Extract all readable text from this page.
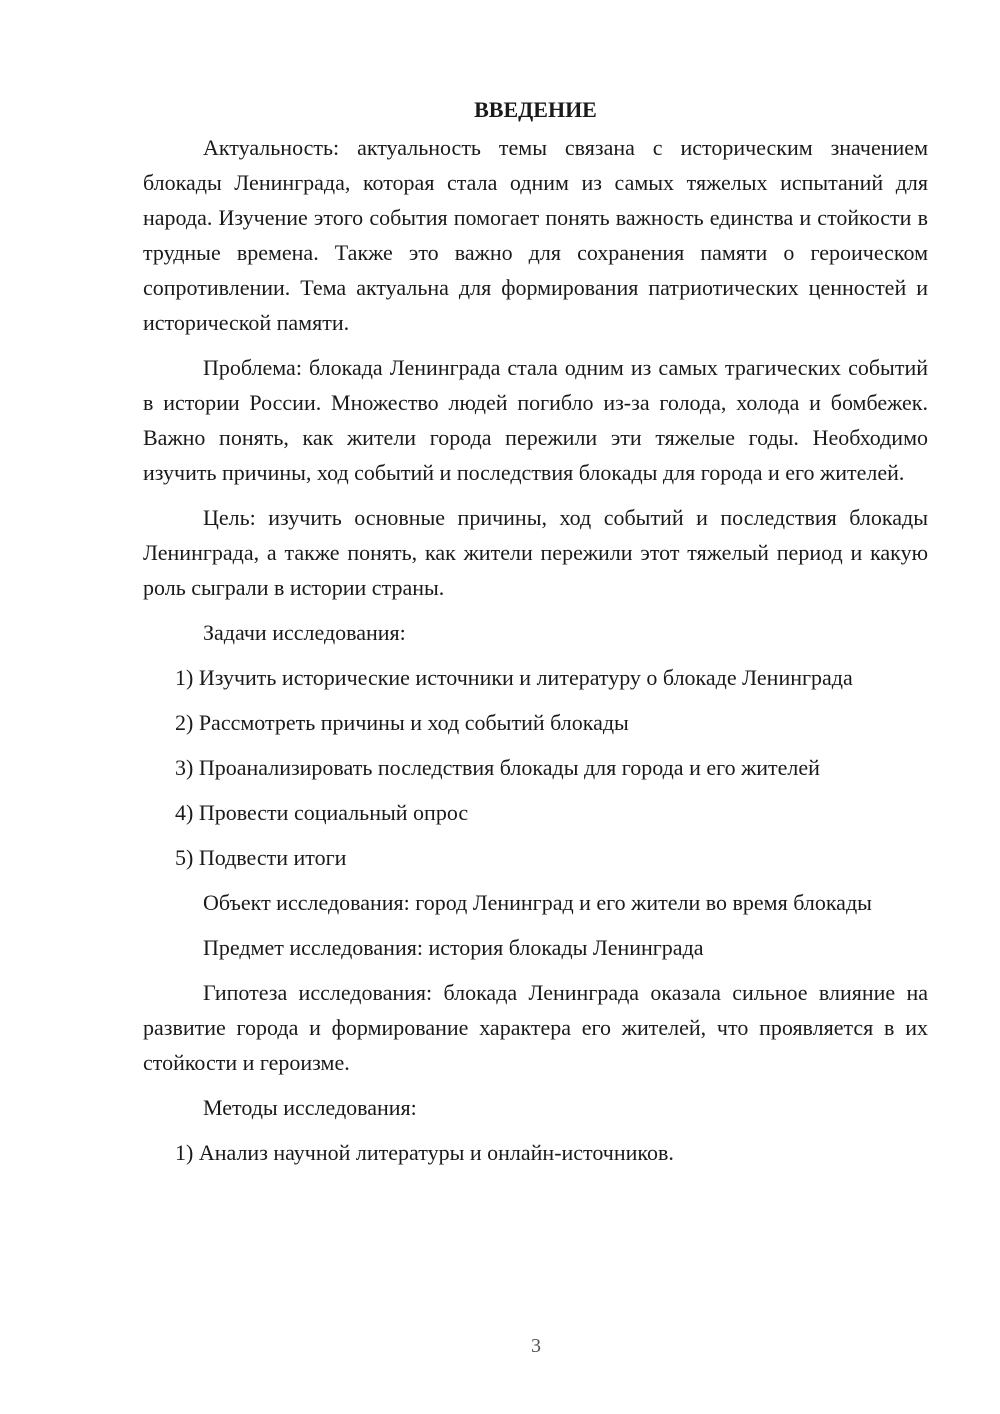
ВВЕДЕНИЕ

Актуальность: актуальность темы связана с историческим значением блокады Ленинграда, которая стала одним из самых тяжелых испытаний для народа. Изучение этого события помогает понять важность единства и стойкости в трудные времена. Также это важно для сохранения памяти о героическом сопротивлении. Тема актуальна для формирования патриотических ценностей и исторической памяти.

Проблема: блокада Ленинграда стала одним из самых трагических событий в истории России. Множество людей погибло из-за голода, холода и бомбежек. Важно понять, как жители города пережили эти тяжелые годы. Необходимо изучить причины, ход событий и последствия блокады для города и его жителей.

Цель: изучить основные причины, ход событий и последствия блокады Ленинграда, а также понять, как жители пережили этот тяжелый период и какую роль сыграли в истории страны.

Задачи исследования:

1) Изучить исторические источники и литературу о блокаде Ленинграда

2) Рассмотреть причины и ход событий блокады

3) Проанализировать последствия блокады для города и его жителей

4) Провести социальный опрос

5) Подвести итоги

Объект исследования: город Ленинград и его жители во время блокады

Предмет исследования: история блокады Ленинграда

Гипотеза исследования: блокада Ленинграда оказала сильное влияние на развитие города и формирование характера его жителей, что проявляется в их стойкости и героизме.

Методы исследования:

1) Анализ научной литературы и онлайн-источников.

3
